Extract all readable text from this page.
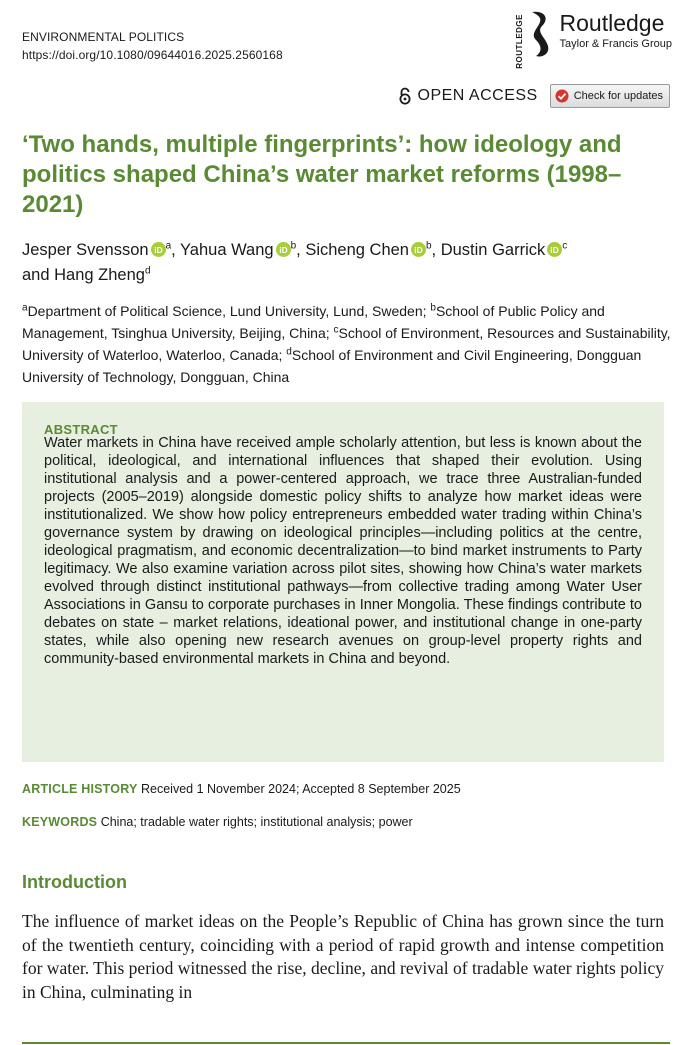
ENVIRONMENTAL POLITICS
https://doi.org/10.1080/09644016.2025.2560168	ROUTLEDGE Routledge
Taylor & Francis Group
OPEN ACCESS	Check for updates
‘Two hands, multiple fingerprints’: how ideology and politics shaped China’s water market reforms (1998–2021)

Jesper Svensson iD $^a$, Yahua Wang iD $^b$, Sicheng Chen iD $^b$, Dustin Garrick iD $^c$ and Hang Zheng$^d$

$^a$Department of Political Science, Lund University, Lund, Sweden; $^b$School of Public Policy and Management, Tsinghua University, Beijing, China; $^c$School of Environment, Resources and Sustainability, University of Waterloo, Waterloo, Canada; $^d$School of Environment and Civil Engineering, Dongguan University of Technology, Dongguan, China

ABSTRACT

Water markets in China have received ample scholarly attention, but less is known about the political, ideological, and international influences that shaped their evolution. Using institutional analysis and a power-centered approach, we trace three Australian-funded projects (2005–2019) alongside domestic policy shifts to analyze how market ideas were institutionalized. We show how policy entrepreneurs embedded water trading within China’s governance system by drawing on ideological principles—including politics at the centre, ideological pragmatism, and economic decentralization—to bind market instruments to Party legitimacy. We also examine variation across pilot sites, showing how China’s water markets evolved through distinct institutional pathways—from collective trading among Water User Associations in Gansu to corporate purchases in Inner Mongolia. These findings contribute to debates on state – market relations, ideational power, and institutional change in one-party states, while also opening new research avenues on group-level property rights and community-based environmental markets in China and beyond.

ARTICLE HISTORY Received 1 November 2024; Accepted 8 September 2025
KEYWORDS China; tradable water rights; institutional analysis; power
Introduction

The influence of market ideas on the People’s Republic of China has grown since the turn of the twentieth century, coinciding with a period of rapid growth and intense competition for water. This period witnessed the rise, decline, and revival of tradable water rights policy in China, culminating in
